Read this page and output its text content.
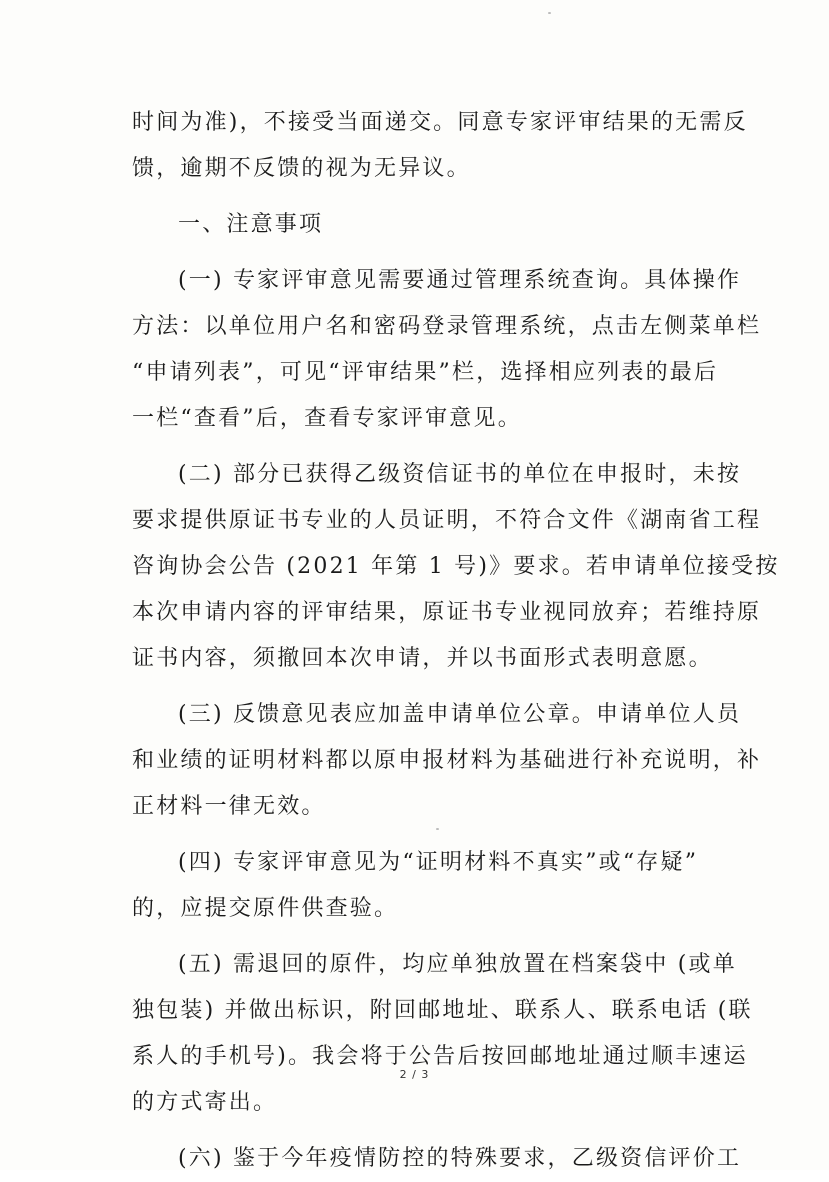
时间为准)，不接受当面递交。同意专家评审结果的无需反
馈，逾期不反馈的视为无异议。
一、注意事项
(一) 专家评审意见需要通过管理系统查询。具体操作
方法：以单位用户名和密码登录管理系统，点击左侧菜单栏
“申请列表”，可见“评审结果”栏，选择相应列表的最后
一栏“查看”后，查看专家评审意见。
(二) 部分已获得乙级资信证书的单位在申报时，未按
要求提供原证书专业的人员证明，不符合文件《湖南省工程
咨询协会公告 (2021 年第 1 号)》要求。若申请单位接受按
本次申请内容的评审结果，原证书专业视同放弃；若维持原
证书内容，须撤回本次申请，并以书面形式表明意愿。
(三) 反馈意见表应加盖申请单位公章。申请单位人员
和业绩的证明材料都以原申报材料为基础进行补充说明，补
正材料一律无效。
(四) 专家评审意见为“证明材料不真实”或“存疑”
的，应提交原件供查验。
(五) 需退回的原件，均应单独放置在档案袋中 (或单
独包装) 并做出标识，附回邮地址、联系人、联系电话 (联
系人的手机号)。我会将于公告后按回邮地址通过顺丰速运
的方式寄出。
(六) 鉴于今年疫情防控的特殊要求，乙级资信评价工
2 / 3
